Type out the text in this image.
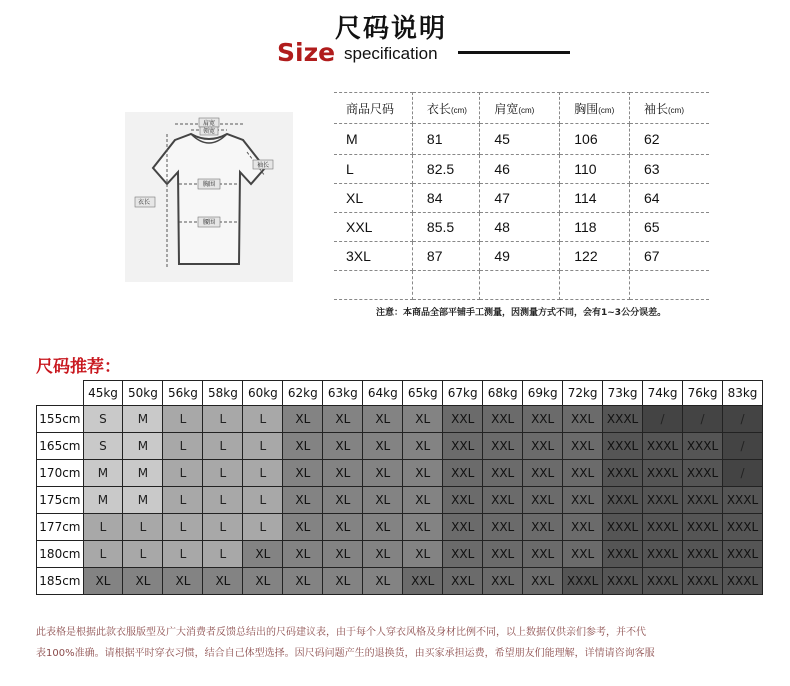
尺码说明
Size specification
肩宽
领宽
袖长
胸围
衣长
腰围
商品尺码	衣长(cm)	肩宽(cm)	胸围(cm)	袖长(cm)
M	81	45	106	62
L	82.5	46	110	63
XL	84	47	114	64
XXL	85.5	48	118	65
3XL	87	49	122	67

注意：本商品全部平铺手工测量，因测量方式不同，会有1~3公分误差。
尺码推荐：
	45kg	50kg	56kg	58kg	60kg	62kg	63kg	64kg	65kg	67kg	68kg	69kg	72kg	73kg	74kg	76kg	83kg
155cm	S	M	L	L	L	XL	XL	XL	XL	XXL	XXL	XXL	XXL	XXXL	/	/	/
165cm	S	M	L	L	L	XL	XL	XL	XL	XXL	XXL	XXL	XXL	XXXL	XXXL	XXXL	/
170cm	M	M	L	L	L	XL	XL	XL	XL	XXL	XXL	XXL	XXL	XXXL	XXXL	XXXL	/
175cm	M	M	L	L	L	XL	XL	XL	XL	XXL	XXL	XXL	XXL	XXXL	XXXL	XXXL	XXXL
177cm	L	L	L	L	L	XL	XL	XL	XL	XXL	XXL	XXL	XXL	XXXL	XXXL	XXXL	XXXL
180cm	L	L	L	L	XL	XL	XL	XL	XL	XXL	XXL	XXL	XXL	XXXL	XXXL	XXXL	XXXL
185cm	XL	XL	XL	XL	XL	XL	XL	XL	XXL	XXL	XXL	XXL	XXXL	XXXL	XXXL	XXXL	XXXL
此表格是根据此款衣服版型及广大消费者反馈总结出的尺码建议表，由于每个人穿衣风格及身材比例不同，以上数据仅供亲们参考，并不代
表100%准确。请根据平时穿衣习惯，结合自己体型选择。因尺码问题产生的退换货，由买家承担运费，希望朋友们能理解，详情请咨询客服
